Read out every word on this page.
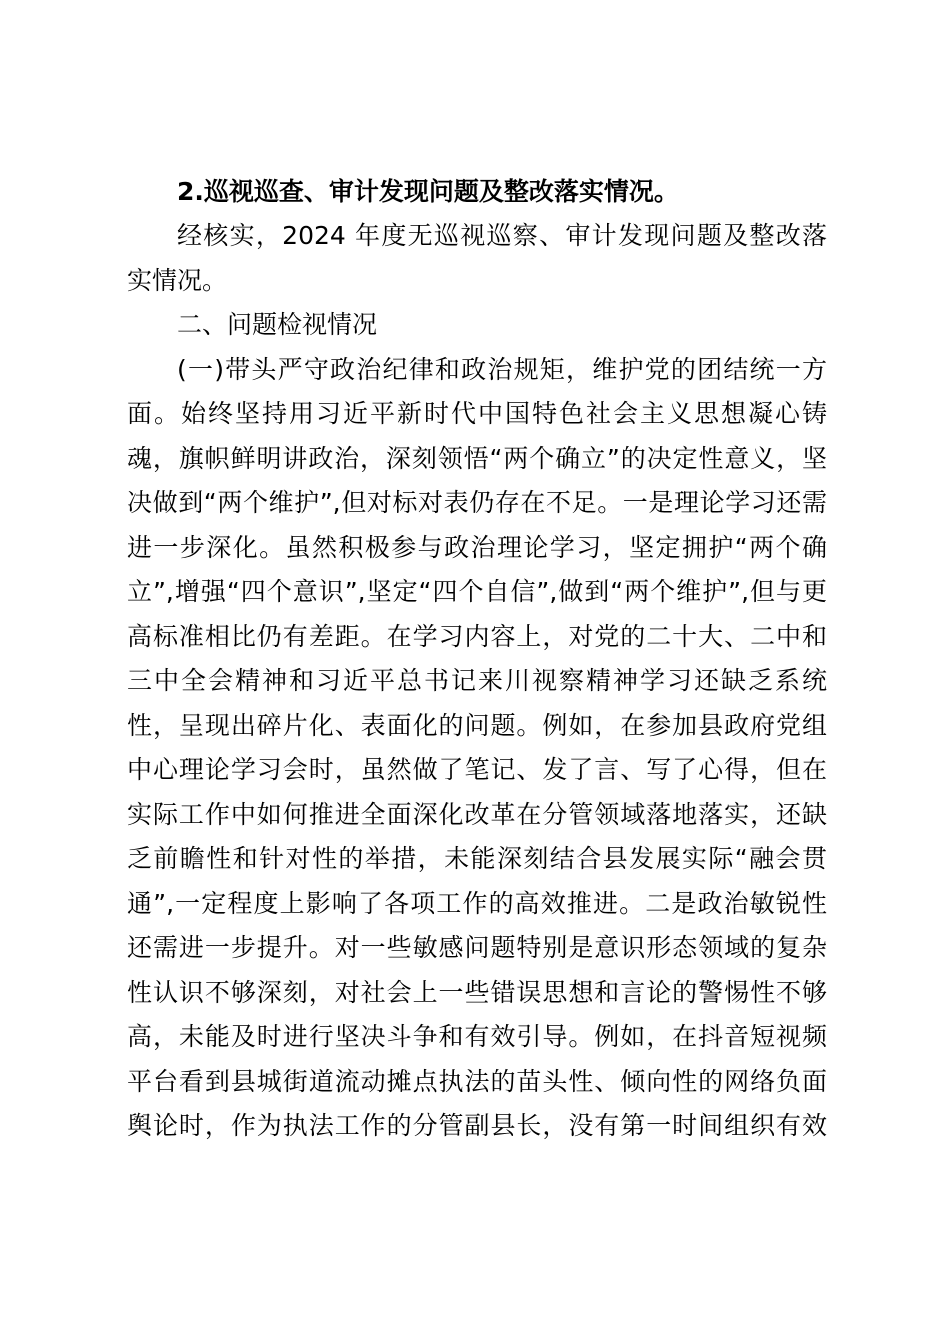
2.巡视巡查、审计发现问题及整改落实情况。
经核实，2024 年度无巡视巡察、审计发现问题及整改落
实情况。
二、问题检视情况
(一)带头严守政治纪律和政治规矩，维护党的团结统一方
面。始终坚持用习近平新时代中国特色社会主义思想凝心铸
魂，旗帜鲜明讲政治，深刻领悟“两个确立”的决定性意义，坚
决做到“两个维护”,但对标对表仍存在不足。一是理论学习还需
进一步深化。虽然积极参与政治理论学习，坚定拥护“两个确
立”,增强“四个意识”,坚定“四个自信”,做到“两个维护”,但与更
高标准相比仍有差距。在学习内容上，对党的二十大、二中和
三中全会精神和习近平总书记来川视察精神学习还缺乏系统
性，呈现出碎片化、表面化的问题。例如，在参加县政府党组
中心理论学习会时，虽然做了笔记、发了言、写了心得，但在
实际工作中如何推进全面深化改革在分管领域落地落实，还缺
乏前瞻性和针对性的举措，未能深刻结合县发展实际“融会贯
通”,一定程度上影响了各项工作的高效推进。二是政治敏锐性
还需进一步提升。对一些敏感问题特别是意识形态领域的复杂
性认识不够深刻，对社会上一些错误思想和言论的警惕性不够
高，未能及时进行坚决斗争和有效引导。例如，在抖音短视频
平台看到县城街道流动摊点执法的苗头性、倾向性的网络负面
舆论时，作为执法工作的分管副县长，没有第一时间组织有效
